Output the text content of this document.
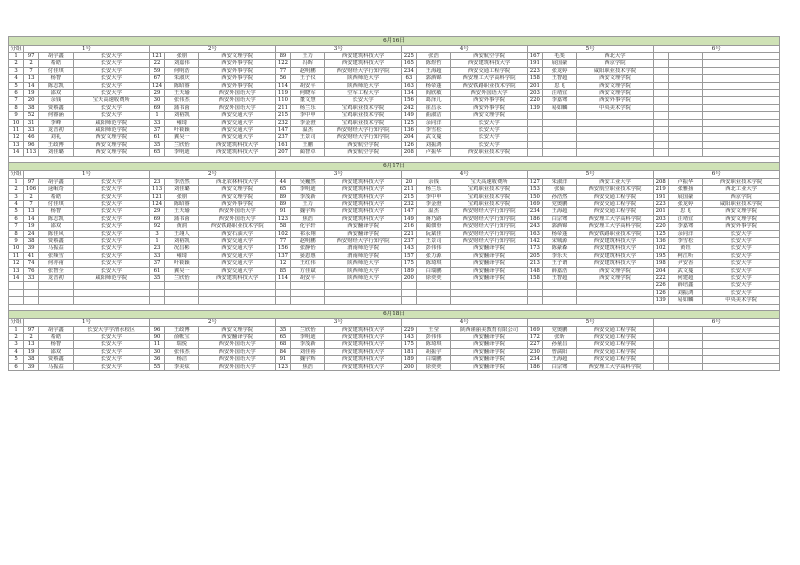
6月16日																		
分组	1号			2号			3号			4号			5号			6号		
1	97	胡宇鑫	长安大学	121	张朋	西安文理学院	89	王力	西安建筑科技大学	225	张浩	西安航空学院	167	毛斐	西北大学			
2	2	希皓	长安大学	22	刘嘉伟	西安外事学院	122	冯晖	西安建筑科技大学	165	陈煜哲	西安建筑科技大学	191	展国豪	西京学院			
3	7	付佳琪	长安大学	59	何明浩	西安外事学院	77	赵明鹏	西安财经大学行知学院	234	王海超	西安交通工程学院	223	张龙婷	咸阳职业技术学院			
4	13	杨智	长安大学	67	朱淑庆	西安外事学院	56	王子仪	陕西师范大学	63	郭洒锦	西安理工大学高科学院	158	王智超	西安文理学院			
5	14	陈志凯	长安大学	124	陈昭睿	西安外事学院	114	胡安平	陕西师范大学	163	杨帝蓬	西安铁路职业技术学院	201	思飞	西安文理学院			
6	19	邵双	长安大学	29	王天瑜	西安外国语大学	119	何晓军	空军工程大学	134	阎欣敏	西安外国语大学	203	汪靖宜	西安文理学院			
7	20	余钱	宝天高速收费所	30	张伟杰	西安外国语大学	110	董文慧	长安大学	156	葛泽儿	西安外事学院	220	李嘉骞	西安外事学院			
8	38	贾蔡鑫	长安大学	69	蒲书茵	西安外国语大学	211	杨兰乐	宝鸡职业技术学院	242	崔昌永	西安外事学院	139	易如麟	中央美术学院			
9	52	何睿涵	长安大学	1	刘裕凯	西安交通大学	215	李中申	宝鸡职业技术学院	149	曲淑洁	西安文理学院						
10	31	李峰	咸阳师范学院	33	雍琦	西安交通大学	232	李金澄	宝鸡职业技术学院	125	余同洋	长安大学						
11	33	龙晋初	咸阳师范学院	37	叶筱颖	西安交通大学	147	温杰	西安财经大学行知学院	136	李雪松	长安大学						
12	46	刘礼	西安文理学院	61	翼昊一	西安交通大学	237	王景司	西安财经大学行知学院	204	武文蔓	长安大学						
13	96	王政博	西安文理学院	35	兰欣怡	西安建筑科技大学	161	王鹏	西安航空学院	126	刘振鸿	长安大学						
14	113	刘佳璐	西安文理学院	65	李明迪	西安建筑科技大学	207	蔺智卓	西安航空学院	208	卢振华	西安职业技术学院						

6月17日																		
分组	1号			2号			3号			4号			5号			6号		
1	97	胡宇鑫	长安大学	23	李浩然	西北农林科技大学	44	吴巍然	西安建筑科技大学	20	余钱	宝天高速收费所	127	朱淑洋	西安工业大学	208	卢振华	西安职业技术学院
2	106	逯岷奇	长安大学	113	刘佳璐	西安文理学院	65	李明迪	西安建筑科技大学	211	杨兰乐	宝鸡职业技术学院	153	张硕	西安航空职业技术学院	219	张雅扬	西北工业大学
3	2	希皓	长安大学	121	张朋	西安文理学院	89	李茂新	西安建筑科技大学	215	李中申	宝鸡职业技术学院	150	孙浩然	西安交通工程学院	191	展国豪	西京学院
4	7	付佳琪	长安大学	124	陈昭睿	西安外事学院	89	王力	西安建筑科技大学	232	李金澄	宝鸡职业技术学院	169	党奥鹏	西安交通工程学院	223	张龙婷	咸阳职业技术学院
5	13	杨智	长安大学	29	王天瑜	西安外国语大学	91	魏宇辉	西安建筑科技大学	147	温杰	西安财经大学行知学院	234	王海超	西安交通工程学院	201	思飞	西安文理学院
6	14	陈志凯	长安大学	69	蒲书茵	西安外国语大学	123	焦浩	西安建筑科技大学	149	蒋乃路	西安财经大学行知学院	186	白宗骞	西安理工大学高科学院	203	汪靖宜	西安文理学院
7	19	邵双	长安大学	92	黄润	西安铁路职业技术学院	58	化宇轩	西安翻译学院	216	蔺佃垂	西安财经大学行知学院	243	郭洒锦	西安理工大学高科学院	220	李嘉骞	西安外事学院
8	24	陈佳风	长安大学	3	王翊人	西安石油大学	102	祁永翔	西安翻译学院	221	阮斌佳	西安财经大学行知学院	163	杨帝蓬	西安铁路职业技术学院	125	余同洋	长安大学
9	38	贾蔡鑫	长安大学	1	刘裕凯	西安交通大学	77	赵明鹏	西安财经大学行知学院	237	王景司	西安财经大学行知学院	142	宋城源	西安建筑科技大学	136	李雪松	长安大学
10	39	马振益	长安大学	23	况昌彬	西安交通大学	156	张静怡	渭南师范学院	143	彭伟伟	西安翻译学院	173	陈豪森	西安建筑科技大学	102	黄钰	长安大学
11	41	张频雪	长安大学	33	雍琦	西安交通大学	137	晏恩惠	渭南师范学院	157	张力源	西安翻译学院	205	李乐天	西安建筑科技大学	195	柯江听	长安大学
12	74	何亦甫	长安大学	37	叶筱颖	西安交通大学	12	王红伟	陕西师范大学	175	陈琦琪	西安翻译学院	213	王子谓	西安建筑科技大学	198	尹安香	长安大学
13	76	张智全	长安大学	61	翼昊一	西安交通大学	85	方佳斌	陕西师范大学	189	白瑞鹏	西安翻译学院	148	薛嘉浩	西安文理学院	204	武文蔓	长安大学
14	33	龙晋初	咸阳师范学院	35	兰欣怡	西安建筑科技大学	114	胡安平	陕西师范大学	200	徐奕奕	西安翻译学院	158	王智超	西安文理学院	222	何建超	长安大学
																226	薛培鑫	长安大学
																126	刘振鸿	长安大学
																139	易如麟	中央美术学院

6月18日																		
分组	1号			2号			3号			4号			5号			6号		
1	97	胡宇鑫	长安大学学渭水校区	96	王政博	西安文理学院	35	兰欣怡	西安建筑科技大学	229	王莹	陕西谨丽美教育有限公司	169	党奥鹏	西安交通工程学院			
2	2	希皓	长安大学	90	俞帐宝	西安翻译学院	65	李明迪	西安建筑科技大学	143	彭伟伟	西安翻译学院	172	张昕	西安交通工程学院			
3	13	杨智	长安大学	11	瑞悦	西安外国语大学	68	李茂新	西安建筑科技大学	175	陈琦琪	西安翻译学院	227	孙童昌	西安交通工程学院			
4	19	邵双	长安大学	30	张伟杰	西安外国语大学	84	刘佳裕	西安建筑科技大学	181	胡振宇	西安翻译学院	230	曾濡阳	西安交通工程学院			
5	38	贾蔡鑫	长安大学	36	杨洁	西安外国语大学	91	魏宇辉	西安建筑科技大学	189	白瑞鹏	西安翻译学院	234	王海超	西安交通工程学院			
6	39	马振益	长安大学	55	李美炫	西安外国语大学	123	焦浩	西安建筑科技大学	200	徐奕奕	西安翻译学院	186	白宗骞	西安理工大学高科学院			
